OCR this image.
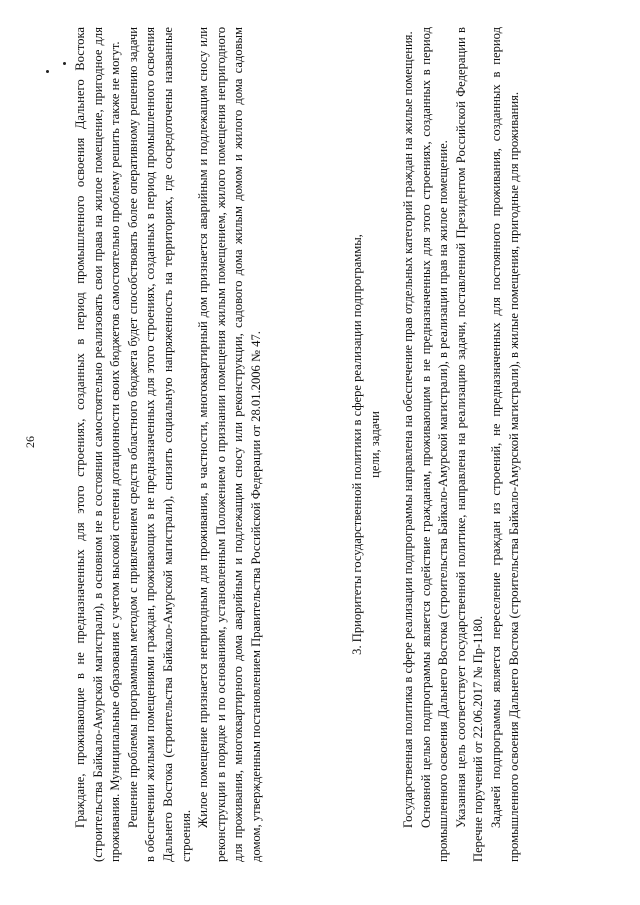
26	Граждане, проживающие в не предназначенных для этого строениях, созданных в период промышленного освоения Дальнего Востока (строительства Байкало-Амурской магистрали), в основном не в состоянии самостоятельно реализовать свои права на жилое помещение, пригодное для проживания. Муниципальные образования с учетом высокой степени дотационности своих бюджетов самостоятельно проблему решить также не могут. Решение проблемы программным методом с привлечением средств областного бюджета будет способствовать более оперативному решению задачи в обеспечении жилыми помещениями граждан, проживающих в не предназначенных для этого строениях, созданных в период промышленного освоения Дальнего Востока (строительства Байкало-Амурской магистрали), снизить социальную напряженность на территориях, где сосредоточены названные строения.

Жилое помещение признается непригодным для проживания, в частности, многоквартирный дом признается аварийным и подлежащим сносу или реконструкции в порядке и по основаниям, установленным Положением о признании помещения жилым помещением, жилого помещения непригодного для проживания, многоквартирного дома аварийным и подлежащим сносу или реконструкции, садового дома жилым домом и жилого дома садовым домом, утвержденным постановлением Правительства Российской Федерации от 28.01.2006 № 47.	3. Приоритеты государственной политики в сфере реализации подпрограммы, цели, задачи Государственная политика в сфере реализации подпрограммы направлена на обеспечение прав отдельных категорий граждан на жилые помещения. Основной целью подпрограммы является содействие гражданам, проживающим в не предназначенных для этого строениях, созданных в период промышленного освоения Дальнего Востока (строительства Байкало-Амурской магистрали), в реализации прав на жилое помещение. Указанная цель соответствует государственной политике, направлена на реализацию задачи, поставленной Президентом Российской Федерации в Перечне поручений от 22.06.2017 № Пр-1180. Задачей подпрограммы является переселение граждан из строений, не предназначенных для постоянного проживания, созданных в период промышленного освоения Дальнего Востока (строительства Байкало-Амурской магистрали), в жилые помещения, пригодные для проживания.
